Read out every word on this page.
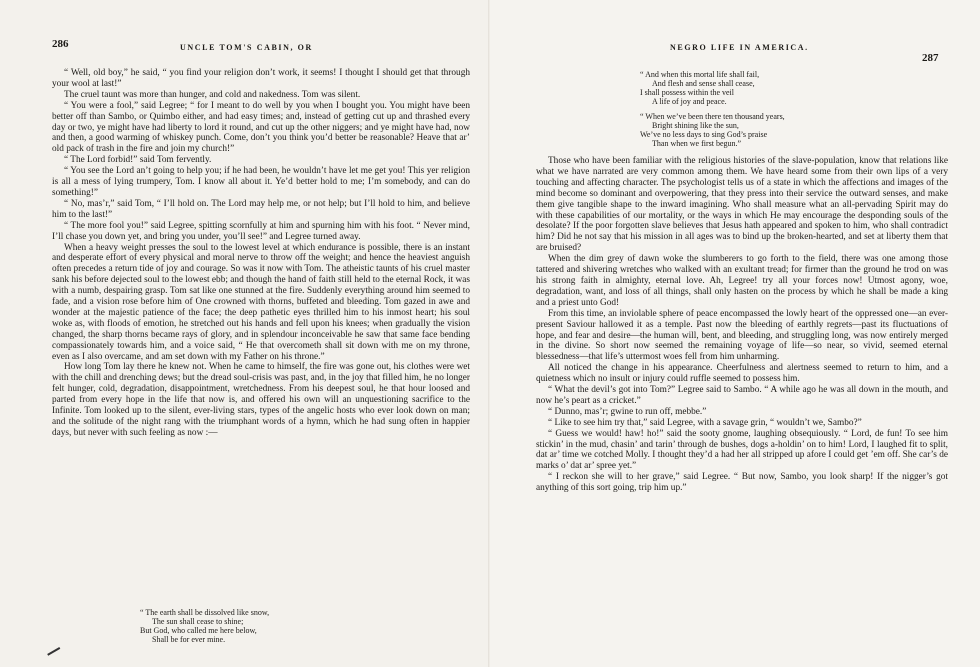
286	UNCLE TOM'S CABIN, OR

“ Well, old boy,” he said, “ you find your religion don’t work, it seems! I thought I should get that through your wool at last!”

The cruel taunt was more than hunger, and cold and nakedness. Tom was silent.

“ You were a fool,” said Legree; “ for I meant to do well by you when I bought you. You might have been better off than Sambo, or Quimbo either, and had easy times; and, instead of getting cut up and thrashed every day or two, ye might have had liberty to lord it round, and cut up the other niggers; and ye might have had, now and then, a good warming of whiskey punch. Come, don’t you think you’d better be reasonable? Heave that ar’ old pack of trash in the fire and join my church!”

“ The Lord forbid!” said Tom fervently.

“ You see the Lord an’t going to help you; if he had been, he wouldn’t have let me get you! This yer religion is all a mess of lying trumpery, Tom. I know all about it. Ye’d better hold to me; I’m somebody, and can do something!”

“ No, mas’r,” said Tom, “ I’ll hold on. The Lord may help me, or not help; but I’ll hold to him, and believe him to the last!”

“ The more fool you!” said Legree, spitting scornfully at him and spurning him with his foot. “ Never mind, I’ll chase you down yet, and bring you under, you’ll see!” and Legree turned away.

When a heavy weight presses the soul to the lowest level at which endurance is possible, there is an instant and desperate effort of every physical and moral nerve to throw off the weight; and hence the heaviest anguish often precedes a return tide of joy and courage. So was it now with Tom. The atheistic taunts of his cruel master sank his before dejected soul to the lowest ebb; and though the hand of faith still held to the eternal Rock, it was with a numb, despairing grasp. Tom sat like one stunned at the fire. Suddenly everything around him seemed to fade, and a vision rose before him of One crowned with thorns, buffeted and bleeding. Tom gazed in awe and wonder at the majestic patience of the face; the deep pathetic eyes thrilled him to his inmost heart; his soul woke as, with floods of emotion, he stretched out his hands and fell upon his knees; when gradually the vision changed, the sharp thorns became rays of glory, and in splendour inconceivable he saw that same face bending compassionately towards him, and a voice said, “ He that overcometh shall sit down with me on my throne, even as I also overcame, and am set down with my Father on his throne.”

How long Tom lay there he knew not. When he came to himself, the fire was gone out, his clothes were wet with the chill and drenching dews; but the dread soul-crisis was past, and, in the joy that filled him, he no longer felt hunger, cold, degradation, disappointment, wretchedness. From his deepest soul, he that hour loosed and parted from every hope in the life that now is, and offered his own will an unquestioning sacrifice to the Infinite. Tom looked up to the silent, ever-living stars, types of the angelic hosts who ever look down on man; and the solitude of the night rang with the triumphant words of a hymn, which he had sung often in happier days, but never with such feeling as now :—

“ The earth shall be dissolved like snow,
The sun shall cease to shine;
But God, who called me here below,
Shall be for ever mine.
NEGRO LIFE IN AMERICA.
287
“ And when this mortal life shall fail,
And flesh and sense shall cease,
I shall possess within the veil
A life of joy and peace.
“ When we’ve been there ten thousand years,
Bright shining like the sun,
We’ve no less days to sing God’s praise
Than when we first begun.”

Those who have been familiar with the religious histories of the slave-population, know that relations like what we have narrated are very common among them. We have heard some from their own lips of a very touching and affecting character. The psychologist tells us of a state in which the affections and images of the mind become so dominant and overpowering, that they press into their service the outward senses, and make them give tangible shape to the inward imagining. Who shall measure what an all-pervading Spirit may do with these capabilities of our mortality, or the ways in which He may encourage the desponding souls of the desolate? If the poor forgotten slave believes that Jesus hath appeared and spoken to him, who shall contradict him? Did he not say that his mission in all ages was to bind up the broken-hearted, and set at liberty them that are bruised?

When the dim grey of dawn woke the slumberers to go forth to the field, there was one among those tattered and shivering wretches who walked with an exultant tread; for firmer than the ground he trod on was his strong faith in almighty, eternal love. Ah, Legree! try all your forces now! Utmost agony, woe, degradation, want, and loss of all things, shall only hasten on the process by which he shall be made a king and a priest unto God!

From this time, an inviolable sphere of peace encompassed the lowly heart of the oppressed one—an ever-present Saviour hallowed it as a temple. Past now the bleeding of earthly regrets—past its fluctuations of hope, and fear and desire—the human will, bent, and bleeding, and struggling long, was now entirely merged in the divine. So short now seemed the remaining voyage of life—so near, so vivid, seemed eternal blessedness—that life’s uttermost woes fell from him unharming.

All noticed the change in his appearance. Cheerfulness and alertness seemed to return to him, and a quietness which no insult or injury could ruffle seemed to possess him.

“ What the devil’s got into Tom?” Legree said to Sambo. “ A while ago he was all down in the mouth, and now he’s peart as a cricket.”

“ Dunno, mas’r; gwine to run off, mebbe.”

“ Like to see him try that,” said Legree, with a savage grin, “ wouldn’t we, Sambo?”

“ Guess we would! haw! ho!” said the sooty gnome, laughing obsequiously. “ Lord, de fun! To see him stickin’ in the mud, chasin’ and tarin’ through de bushes, dogs a-holdin’ on to him! Lord, I laughed fit to split, dat ar’ time we cotched Molly. I thought they’d a had her all stripped up afore I could get ’em off. She car’s de marks o’ dat ar’ spree yet.”

“ I reckon she will to her grave,” said Legree. “ But now, Sambo, you look sharp! If the nigger’s got anything of this sort going, trip him up.”
